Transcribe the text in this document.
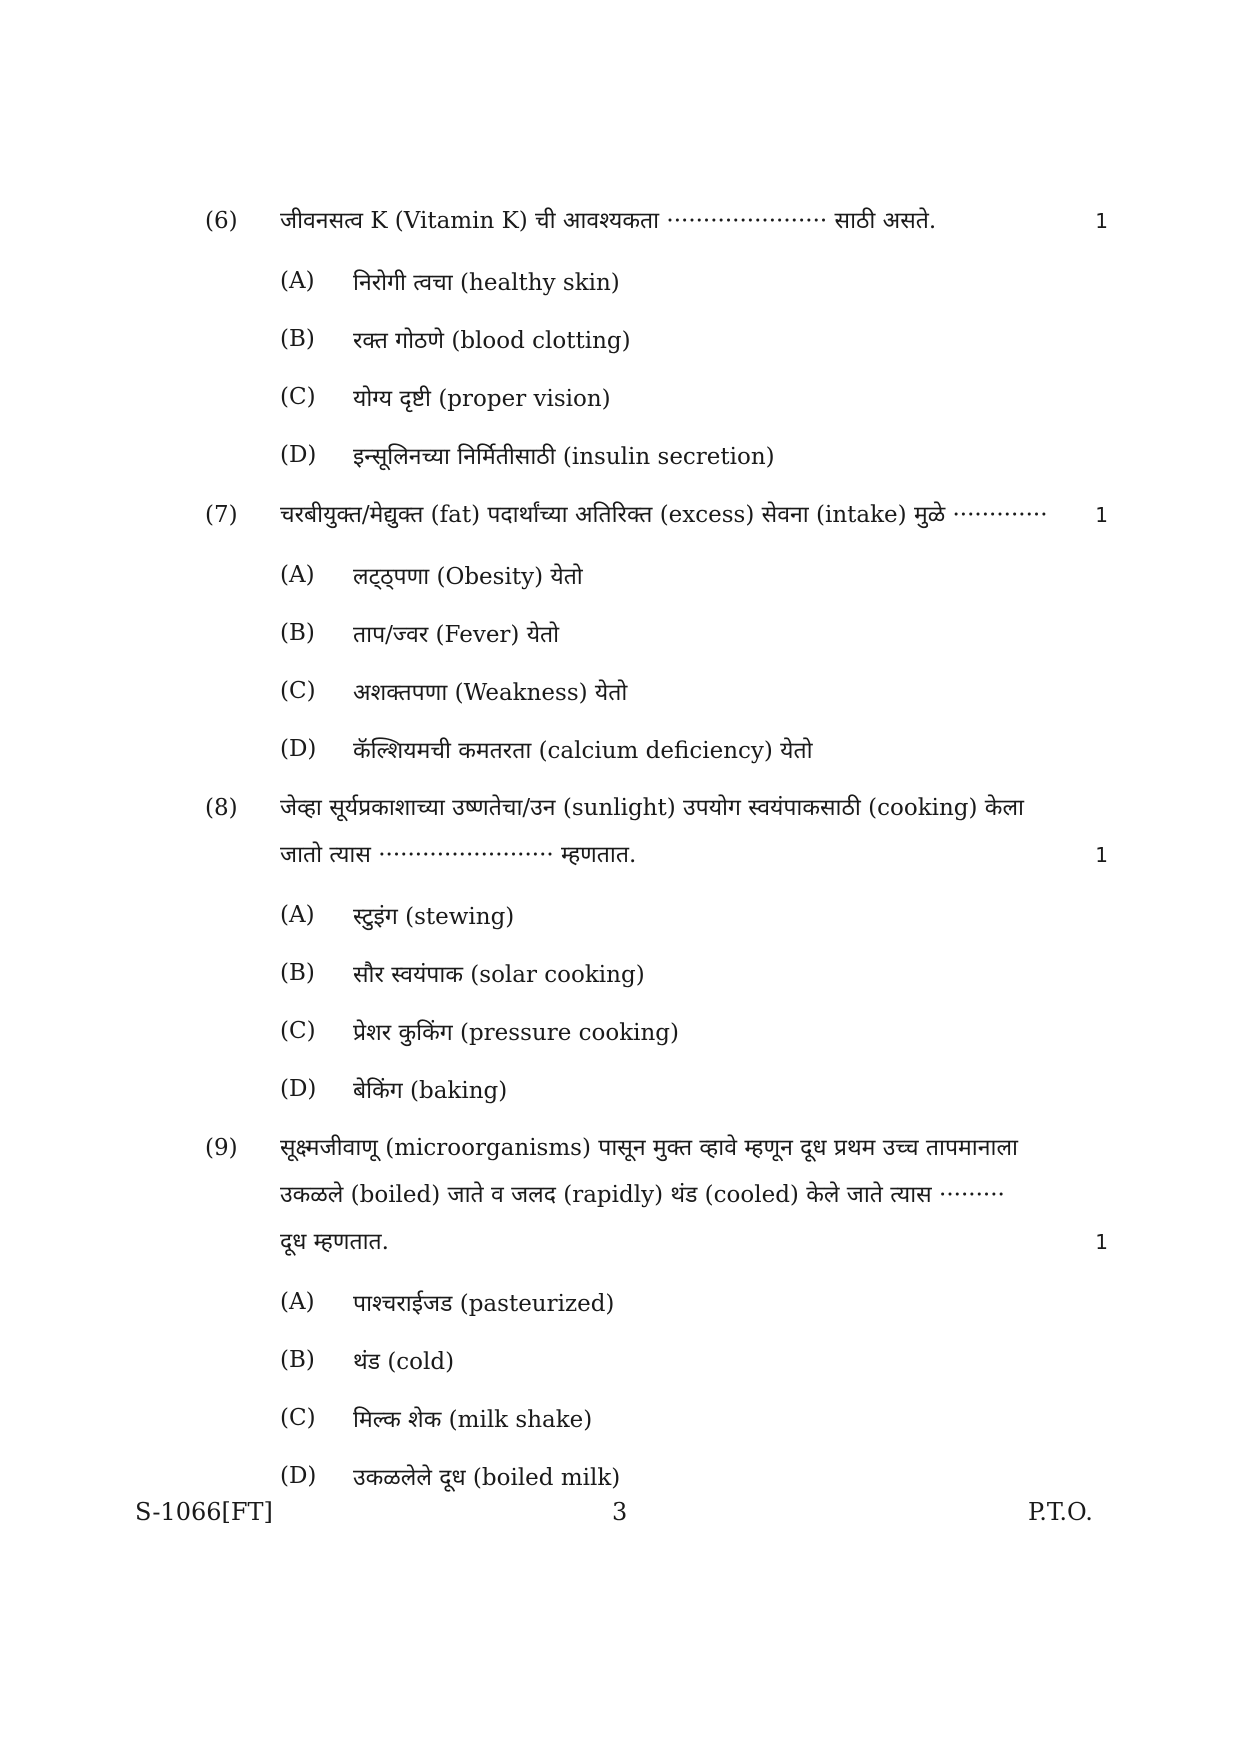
(6)	जीवनसत्व K (Vitamin K) ची आवश्यकता ······················ साठी असते.	1
(A)	निरोगी त्वचा (healthy skin)
(B)	रक्त गोठणे (blood clotting)
(C)	योग्य दृष्टी (proper vision)
(D)	इन्सूलिनच्या निर्मितीसाठी (insulin secretion)
(7)	चरबीयुक्त/मेद्युक्त (fat) पदार्थांच्या अतिरिक्त (excess) सेवना (intake) मुळे ·············	1
(A)	लट्ठ्पणा (Obesity) येतो
(B)	ताप/ज्वर (Fever) येतो
(C)	अशक्तपणा (Weakness) येतो
(D)	कॅल्शियमची कमतरता (calcium deficiency) येतो
(8)	जेव्हा सूर्यप्रकाशाच्या उष्णतेचा/उन (sunlight) उपयोग स्वयंपाकसाठी (cooking) केला
जातो त्यास ························ म्हणतात.	1
(A)	स्टुइंग (stewing)
(B)	सौर स्वयंपाक (solar cooking)
(C)	प्रेशर कुकिंग (pressure cooking)
(D)	बेकिंग (baking)
(9)	सूक्ष्मजीवाणू (microorganisms) पासून मुक्त व्हावे म्हणून दूध प्रथम उच्च तापमानाला
उकळले (boiled) जाते व जलद (rapidly) थंड (cooled) केले जाते त्यास ·········
दूध म्हणतात.	1
(A)	पाश्चराईजड (pasteurized)
(B)	थंड (cold)
(C)	मिल्क शेक (milk shake)
(D)	उकळलेले दूध (boiled milk)
S-1066[FT]	3	P.T.O.
